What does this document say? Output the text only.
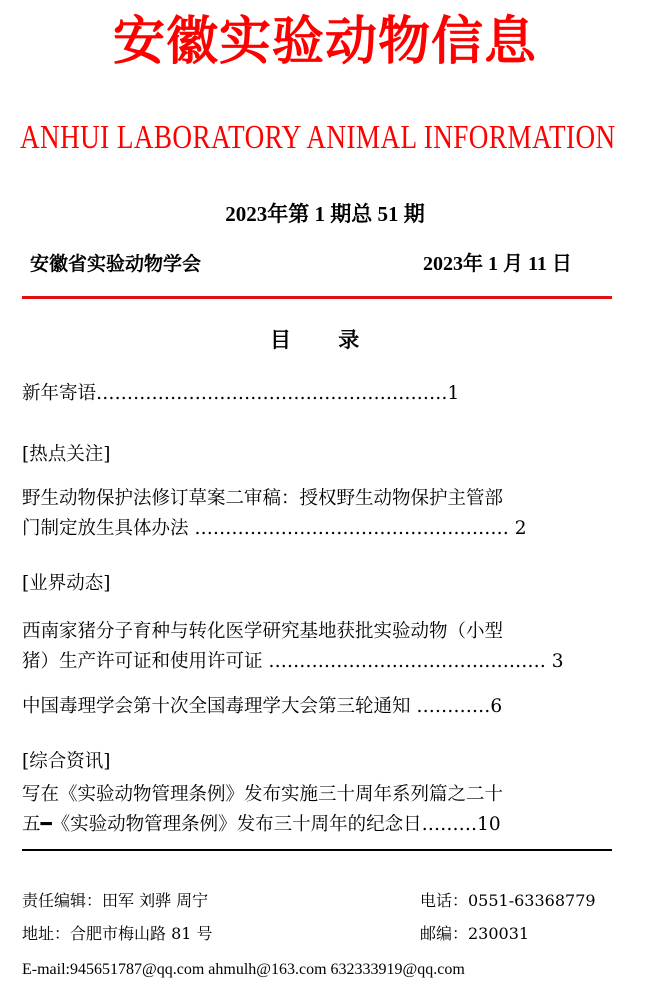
安徽实验动物信息
ANHUI LABORATORY ANIMAL INFORMATION
2023年第 1 期总 51 期
安徽省实验动物学会	2023年 1 月 11 日
目 录
新年寄语…………………………………………………1
[热点关注]
野生动物保护法修订草案二审稿：授权野生动物保护主管部
门制定放生具体办法 …………………………………………… 2
[业界动态]
西南家猪分子育种与转化医学研究基地获批实验动物（小型
猪）生产许可证和使用许可证 ……………………………………… 3
中国毒理学会第十次全国毒理学大会第三轮通知 …………6
[综合资讯]
写在《实验动物管理条例》发布实施三十周年系列篇之二十
五━《实验动物管理条例》发布三十周年的纪念日………10
责任编辑：田军 刘骅 周宁	电话：0551-63368779
地址：合肥市梅山路 81 号	邮编：230031
E-mail:945651787@qq.com ahmulh@163.com 632333919@qq.com
